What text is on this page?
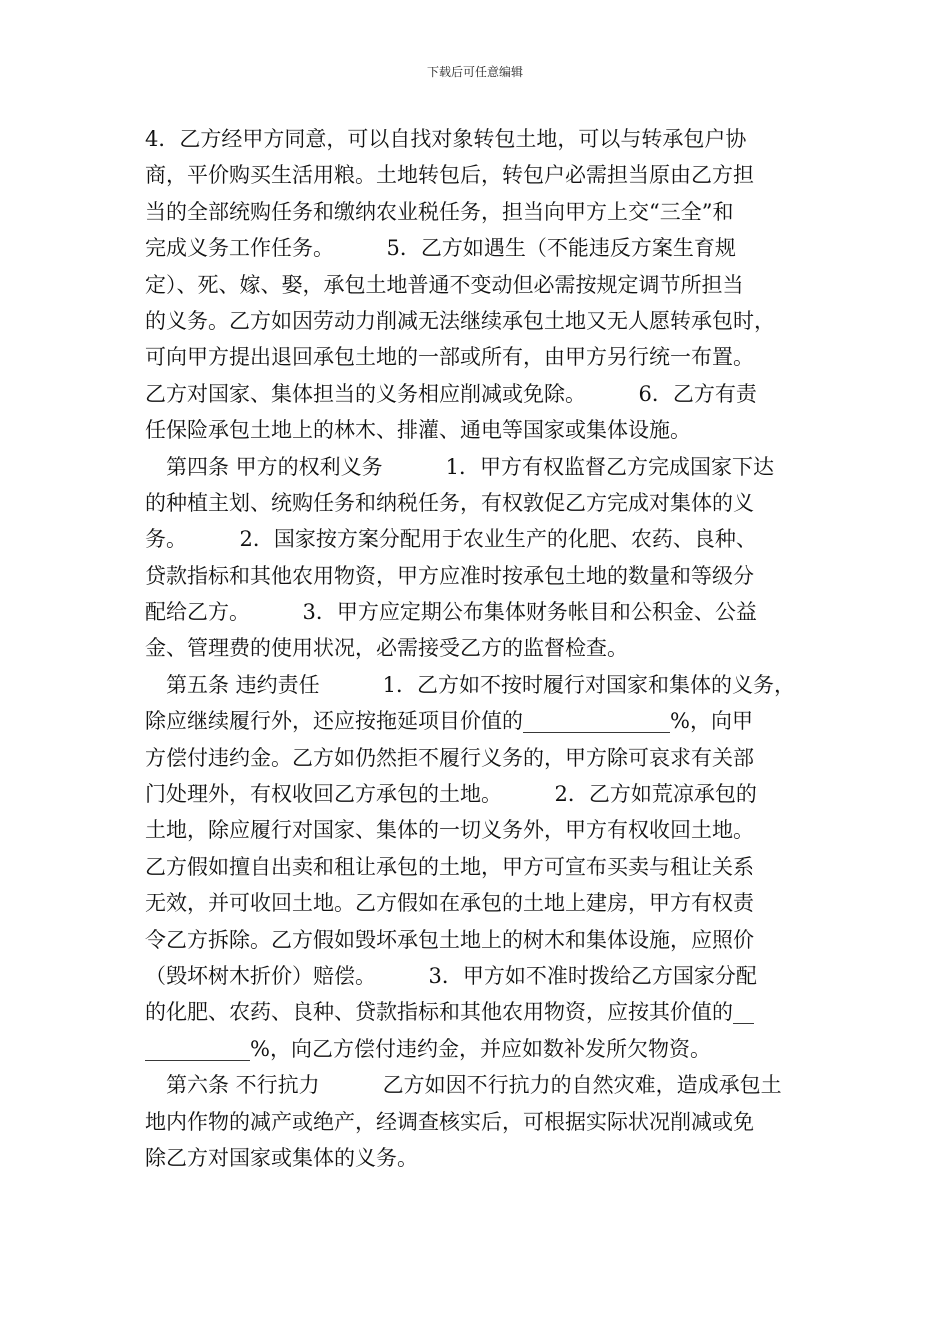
下载后可任意编辑
4．乙方经甲方同意，可以自找对象转包土地，可以与转承包户协
商，平价购买生活用粮。土地转包后，转包户必需担当原由乙方担
当的全部统购任务和缴纳农业税任务，担当向甲方上交“三全”和
完成义务工作任务。　　　5．乙方如遇生（不能违反方案生育规
定）、死、嫁、娶，承包土地普通不变动但必需按规定调节所担当
的义务。乙方如因劳动力削减无法继续承包土地又无人愿转承包时，
可向甲方提出退回承包土地的一部或所有，由甲方另行统一布置。
乙方对国家、集体担当的义务相应削减或免除。　　　6．乙方有责
任保险承包土地上的林木、排灌、通电等国家或集体设施。
第四条 甲方的权利义务　　　1．甲方有权监督乙方完成国家下达
的种植主划、统购任务和纳税任务，有权敦促乙方完成对集体的义
务。　　　2．国家按方案分配用于农业生产的化肥、农药、良种、
贷款指标和其他农用物资，甲方应准时按承包土地的数量和等级分
配给乙方。　　　3．甲方应定期公布集体财务帐目和公积金、公益
金、管理费的使用状况，必需接受乙方的监督检查。
第五条 违约责任　　　1．乙方如不按时履行对国家和集体的义务，
除应继续履行外，还应按拖延项目价值的______________%，向甲
方偿付违约金。乙方如仍然拒不履行义务的，甲方除可哀求有关部
门处理外，有权收回乙方承包的土地。　　　2．乙方如荒凉承包的
土地，除应履行对国家、集体的一切义务外，甲方有权收回土地。
乙方假如擅自出卖和租让承包的土地，甲方可宣布买卖与租让关系
无效，并可收回土地。乙方假如在承包的土地上建房，甲方有权责
令乙方拆除。乙方假如毁坏承包土地上的树木和集体设施，应照价
（毁坏树木折价）赔偿。　　　3．甲方如不准时拨给乙方国家分配
的化肥、农药、良种、贷款指标和其他农用物资，应按其价值的__
__________%，向乙方偿付违约金，并应如数补发所欠物资。
第六条 不行抗力　　　乙方如因不行抗力的自然灾难，造成承包土
地内作物的减产或绝产，经调查核实后，可根据实际状况削减或免
除乙方对国家或集体的义务。
